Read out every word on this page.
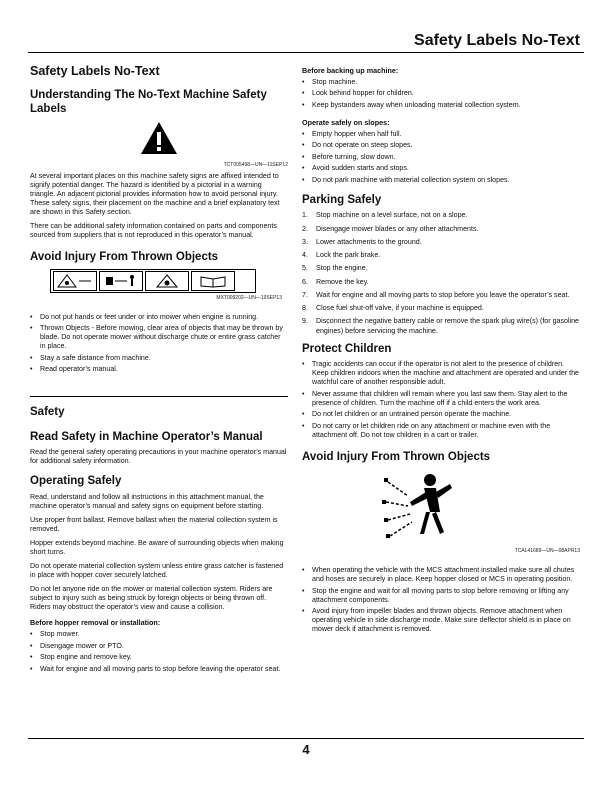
Safety Labels No-Text
Safety Labels No-Text
Understanding The No-Text Machine Safety Labels
TCT005498—UN—11SEP12

At several important places on this machine safety signs are affixed intended to signify potential danger. The hazard is identified by a pictorial in a warning triangle. An adjacent pictorial provides information how to avoid personal injury. These safety signs, their placement on the machine and a brief explanatory text are shown in this Safety section.

There can be additional safety information contained on parts and components sourced from suppliers that is not reproduced in this operator’s manual.

Avoid Injury From Thrown Objects
MXT009202—UN—19SEP13
• Do not put hands or feet under or into mower when engine is running.
• Thrown Objects - Before mowing, clear area of objects that may be thrown by blade. Do not operate mower without discharge chute or entire grass catcher in place.
• Stay a safe distance from machine.
• Read operator’s manual.
Safety
Read Safety in Machine Operator’s Manual

Read the general safety operating precautions in your machine operator’s manual for additional safety information.

Operating Safely

Read, understand and follow all instructions in this attachment manual, the machine operator’s manual and safety signs on equipment before starting.

Use proper front ballast. Remove ballast when the material collection system is removed.

Hopper extends beyond machine. Be aware of surrounding objects when making short turns.

Do not operate material collection system unless entire grass catcher is fastened in place with hopper cover securely latched.

Do not let anyone ride on the mower or material collection system. Riders are subject to injury such as being struck by foreign objects or being thrown off. Riders may obstruct the operator’s view and cause a collision.

Before hopper removal or installation:
• Stop mower.
• Disengage mower or PTO.
• Stop engine and remove key.
• Wait for engine and all moving parts to stop before leaving the operator seat.
Before backing up machine:
• Stop machine.
• Look behind hopper for children.
• Keep bystanders away when unloading material collection system.
Operate safely on slopes:
• Empty hopper when half full.
• Do not operate on steep slopes.
• Before turning, slow down.
• Avoid sudden starts and stops.
• Do not park machine with material collection system on slopes.
Parking Safely
1. Stop machine on a level surface, not on a slope.
2. Disengage mower blades or any other attachments.
3. Lower attachments to the ground.
4. Lock the park brake.
5. Stop the engine.
6. Remove the key.
7. Wait for engine and all moving parts to stop before you leave the operator’s seat.
8. Close fuel shut-off valve, if your machine is equipped.
9. Disconnect the negative battery cable or remove the spark plug wire(s) (for gasoline engines) before servicing the machine.
Protect Children
• Tragic accidents can occur if the operator is not alert to the presence of children. Keep children indoors when the machine and attachment are operated and under the watchful care of another responsible adult.
• Never assume that children will remain where you last saw them. Stay alert to the presence of children. Turn the machine off if a child enters the work area.
• Do not let children or an untrained person operate the machine.
• Do not carry or let children ride on any attachment or machine even with the attachment off. Do not tow children in a cart or trailer.
Avoid Injury From Thrown Objects
TCAL41689—UN—08APR13
• When operating the vehicle with the MCS attachment installed make sure all chutes and hoses are securely in place. Keep hopper closed or MCS in operating position.
• Stop the engine and wait for all moving parts to stop before removing or lifting any attachment components.
• Avoid injury from impeller blades and thrown objects. Remove attachment when operating vehicle in side discharge mode. Make sure deflector shield is in place on mower deck if attachment is removed.
4
